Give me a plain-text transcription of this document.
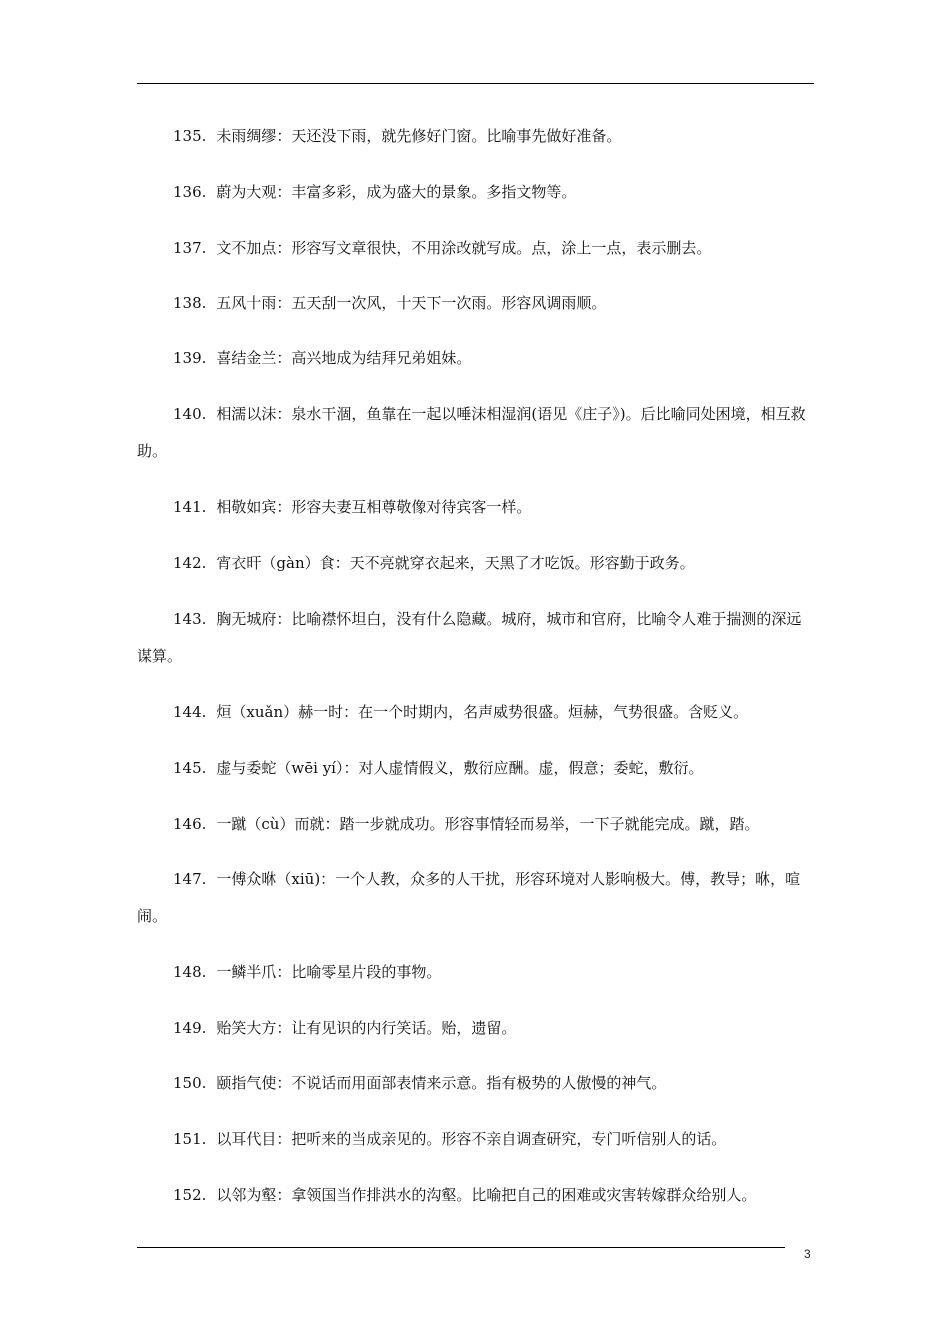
135. 未雨绸缪：天还没下雨，就先修好门窗。比喻事先做好准备。

136. 蔚为大观：丰富多彩，成为盛大的景象。多指文物等。

137. 文不加点：形容写文章很快，不用涂改就写成。点，涂上一点，表示删去。

138. 五风十雨：五天刮一次风，十天下一次雨。形容风调雨顺。

139. 喜结金兰：高兴地成为结拜兄弟姐妹。

140. 相濡以沫：泉水干涸，鱼靠在一起以唾沫相湿润(语见《庄子》)。后比喻同处困境，相互救助。

141. 相敬如宾：形容夫妻互相尊敬像对待宾客一样。

142. 宵衣旰（gàn）食：天不亮就穿衣起来，天黑了才吃饭。形容勤于政务。

143. 胸无城府：比喻襟怀坦白，没有什么隐藏。城府，城市和官府，比喻令人难于揣测的深远谋算。

144. 烜（xuǎn）赫一时：在一个时期内，名声威势很盛。烜赫，气势很盛。含贬义。

145. 虚与委蛇（wēi yí）：对人虚情假义，敷衍应酬。虚，假意；委蛇，敷衍。

146. 一蹴（cù）而就：踏一步就成功。形容事情轻而易举，一下子就能完成。蹴，踏。

147. 一傅众咻（xiū)：一个人教，众多的人干扰，形容环境对人影响极大。傅，教导；咻，喧闹。

148. 一鳞半爪：比喻零星片段的事物。

149. 贻笑大方：让有见识的内行笑话。贻，遗留。

150. 颐指气使：不说话而用面部表情来示意。指有极势的人傲慢的神气。

151. 以耳代目：把听来的当成亲见的。形容不亲自调查研究，专门听信别人的话。

152. 以邻为壑：拿领国当作排洪水的沟壑。比喻把自己的困难或灾害转嫁群众给别人。

3
